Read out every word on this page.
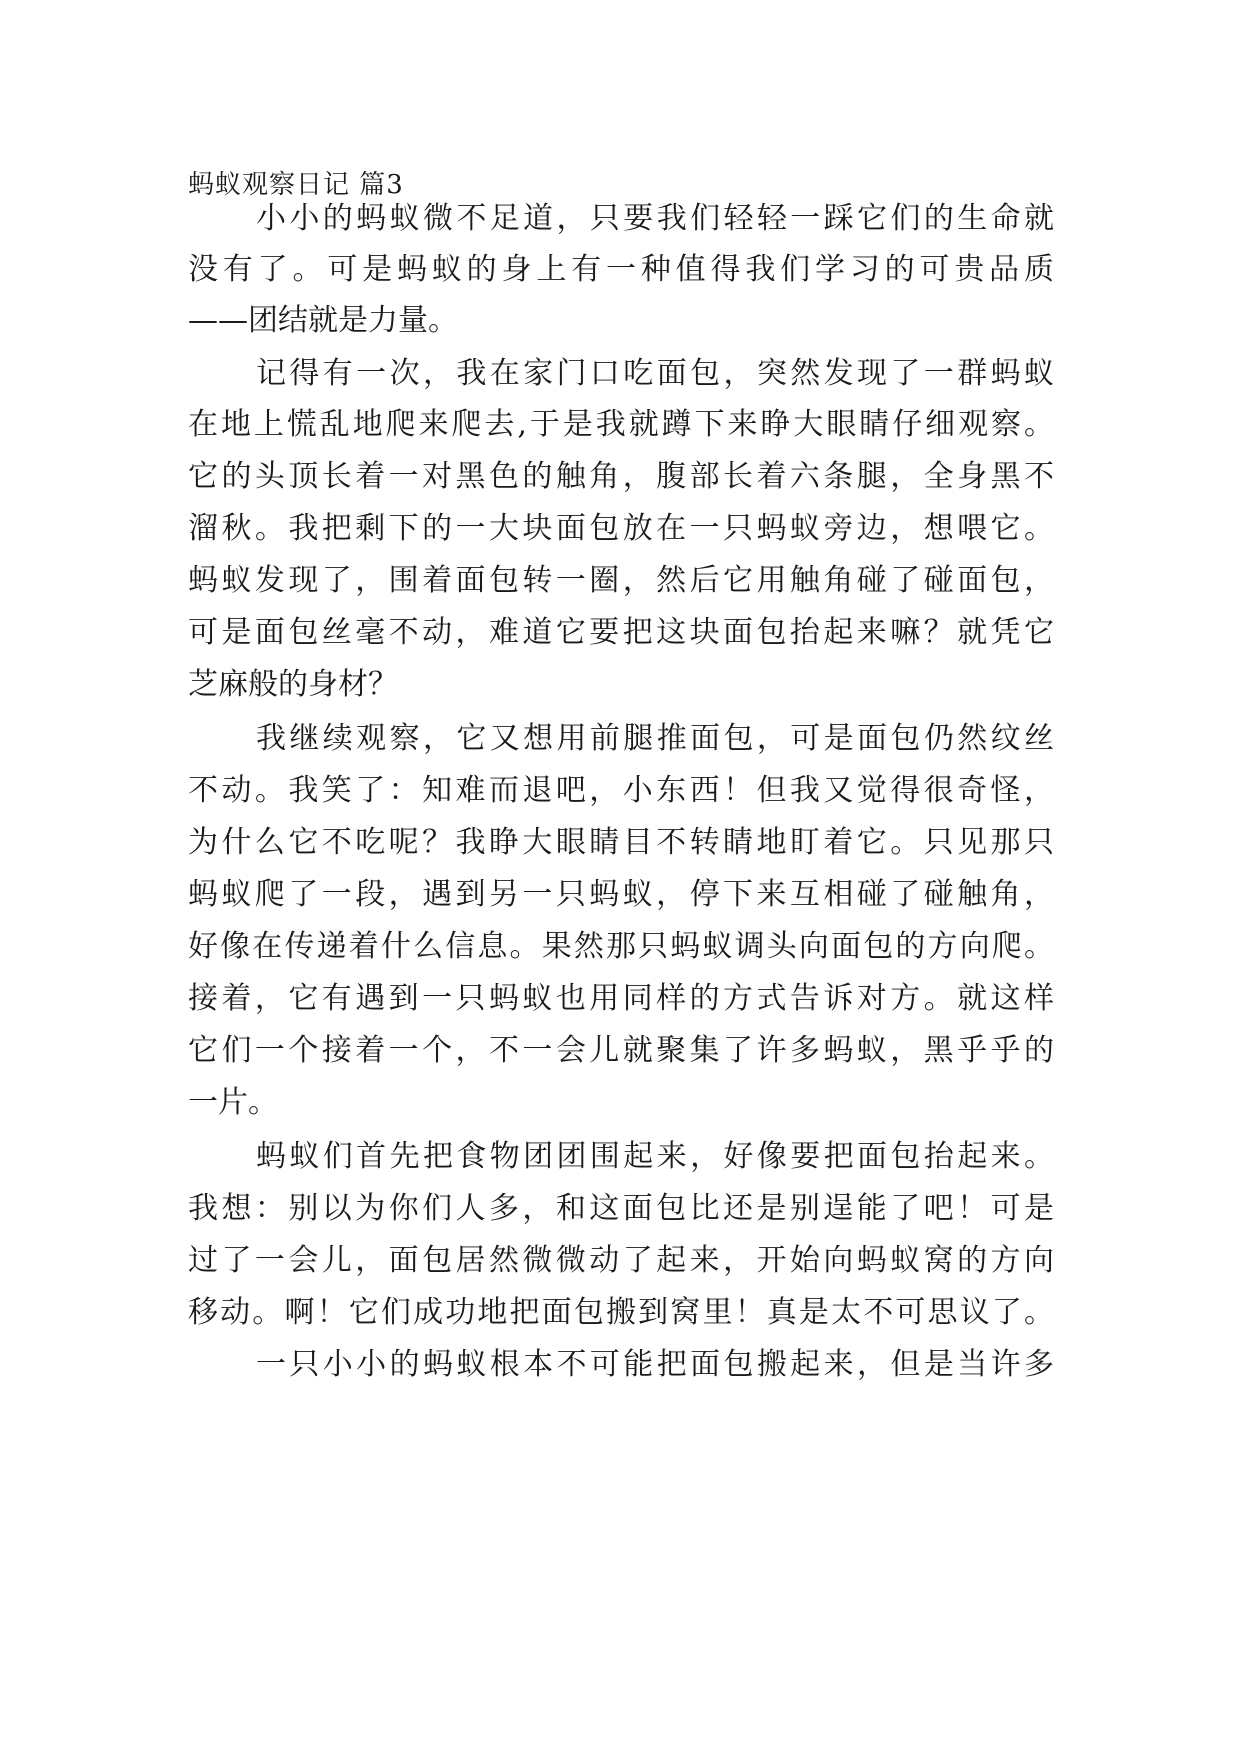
蚂蚁观察日记 篇3
小小的蚂蚁微不足道，只要我们轻轻一踩它们的生命就
没有了。可是蚂蚁的身上有一种值得我们学习的可贵品质
——团结就是力量。
记得有一次，我在家门口吃面包，突然发现了一群蚂蚁
在地上慌乱地爬来爬去,于是我就蹲下来睁大眼睛仔细观察。
它的头顶长着一对黑色的触角，腹部长着六条腿，全身黑不
溜秋。我把剩下的一大块面包放在一只蚂蚁旁边，想喂它。
蚂蚁发现了，围着面包转一圈，然后它用触角碰了碰面包，
可是面包丝毫不动，难道它要把这块面包抬起来嘛？就凭它
芝麻般的身材？
我继续观察，它又想用前腿推面包，可是面包仍然纹丝
不动。我笑了：知难而退吧，小东西！但我又觉得很奇怪，
为什么它不吃呢？我睁大眼睛目不转睛地盯着它。只见那只
蚂蚁爬了一段，遇到另一只蚂蚁，停下来互相碰了碰触角，
好像在传递着什么信息。果然那只蚂蚁调头向面包的方向爬。
接着，它有遇到一只蚂蚁也用同样的方式告诉对方。就这样
它们一个接着一个，不一会儿就聚集了许多蚂蚁，黑乎乎的
一片。
蚂蚁们首先把食物团团围起来，好像要把面包抬起来。
我想：别以为你们人多，和这面包比还是别逞能了吧！可是
过了一会儿，面包居然微微动了起来，开始向蚂蚁窝的方向
移动。啊！它们成功地把面包搬到窝里！真是太不可思议了。
一只小小的蚂蚁根本不可能把面包搬起来，但是当许多
